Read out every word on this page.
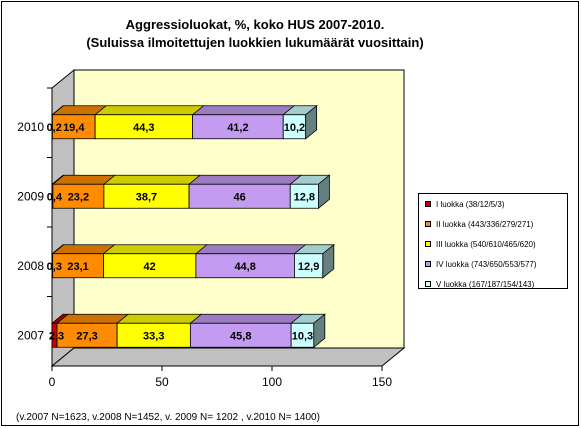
Aggressioluokat, %, koko HUS 2007-2010.
(Suluissa ilmoitettujen luokkien lukumäärät vuosittain)
0	50	100	150
2010 0,2 19,4	44,3	41,2	10,2
2009 0,4 23,2	38,7	46	12,8
2008 0,3 23,1	42	44,8	12,9
2007 2,3 27,3	33,3	45,8	10,3
I luokka (38/12/5/3)
II luokka (443/336/279/271)
III luokka (540/610/465/620)
IV luokka (743/650/553/577)
V luokka (167/187/154/143)
(v.2007 N=1623, v.2008 N=1452, v. 2009 N= 1202 , v.2010 N= 1400)
